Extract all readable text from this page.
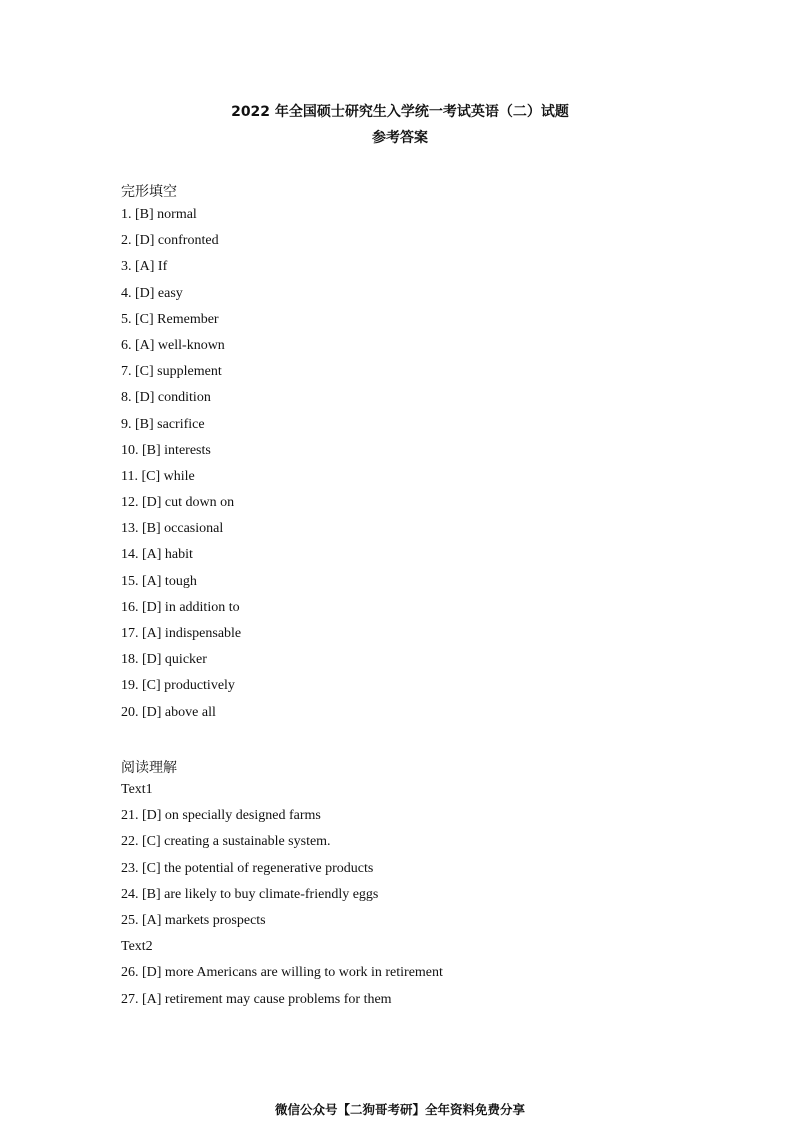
2022 年全国硕士研究生入学统一考试英语（二）试题
参考答案
完形填空
1. [B] normal
2. [D] confronted
3. [A] If
4. [D] easy
5. [C] Remember
6. [A] well-known
7. [C] supplement
8. [D] condition
9. [B] sacrifice
10. [B] interests
11. [C] while
12. [D] cut down on
13. [B] occasional
14. [A] habit
15. [A] tough
16. [D] in addition to
17. [A] indispensable
18. [D] quicker
19. [C] productively
20. [D] above all
阅读理解
Text1
21. [D] on specially designed farms
22. [C] creating a sustainable system.
23. [C] the potential of regenerative products
24. [B] are likely to buy climate-friendly eggs
25. [A] markets prospects
Text2
26. [D] more Americans are willing to work in retirement
27. [A] retirement may cause problems for them
微信公众号【二狗哥考研】全年资料免费分享
